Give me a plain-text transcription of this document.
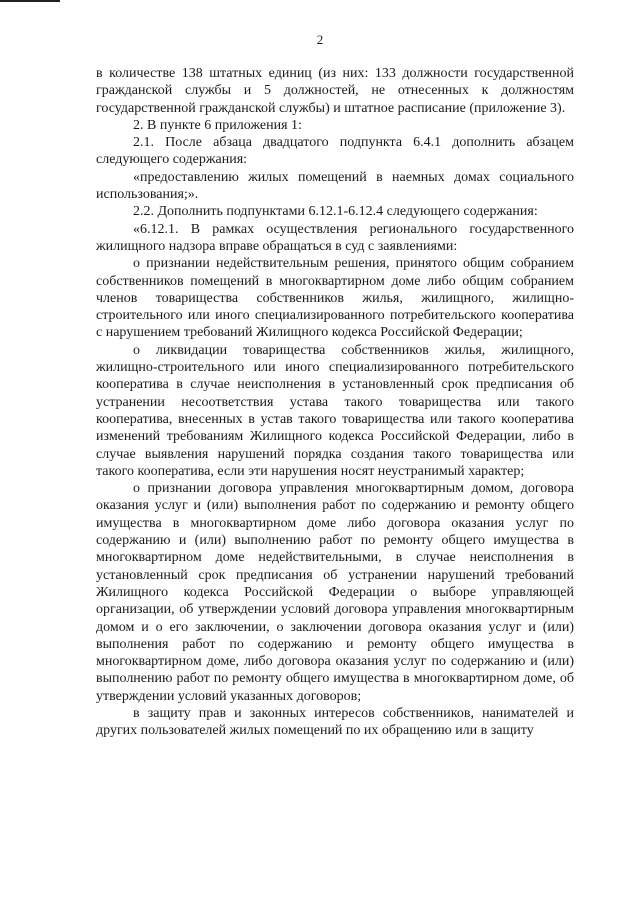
2

в количестве 138 штатных единиц (из них: 133 должности государственной гражданской службы и 5 должностей, не отнесенных к должностям государственной гражданской службы) и штатное расписание (приложение 3).

2. В пункте 6 приложения 1:

2.1. После абзаца двадцатого подпункта 6.4.1 дополнить абзацем следующего содержания:

«предоставлению жилых помещений в наемных домах социального использования;».

2.2. Дополнить подпунктами 6.12.1-6.12.4 следующего содержания:

«6.12.1. В рамках осуществления регионального государственного жилищного надзора вправе обращаться в суд с заявлениями:

о признании недействительным решения, принятого общим собранием собственников помещений в многоквартирном доме либо общим собранием членов товарищества собственников жилья, жилищного, жилищно-строительного или иного специализированного потребительского кооператива с нарушением требований Жилищного кодекса Российской Федерации;

о ликвидации товарищества собственников жилья, жилищного, жилищно-строительного или иного специализированного потребительского кооператива в случае неисполнения в установленный срок предписания об устранении несоответствия устава такого товарищества или такого кооператива, внесенных в устав такого товарищества или такого кооператива изменений требованиям Жилищного кодекса Российской Федерации, либо в случае выявления нарушений порядка создания такого товарищества или такого кооператива, если эти нарушения носят неустранимый характер;

о признании договора управления многоквартирным домом, договора оказания услуг и (или) выполнения работ по содержанию и ремонту общего имущества в многоквартирном доме либо договора оказания услуг по содержанию и (или) выполнению работ по ремонту общего имущества в многоквартирном доме недействительными, в случае неисполнения в установленный срок предписания об устранении нарушений требований Жилищного кодекса Российской Федерации о выборе управляющей организации, об утверждении условий договора управления многоквартирным домом и о его заключении, о заключении договора оказания услуг и (или) выполнения работ по содержанию и ремонту общего имущества в многоквартирном доме, либо договора оказания услуг по содержанию и (или) выполнению работ по ремонту общего имущества в многоквартирном доме, об утверждении условий указанных договоров;

в защиту прав и законных интересов собственников, нанимателей и других пользователей жилых помещений по их обращению или в защиту
